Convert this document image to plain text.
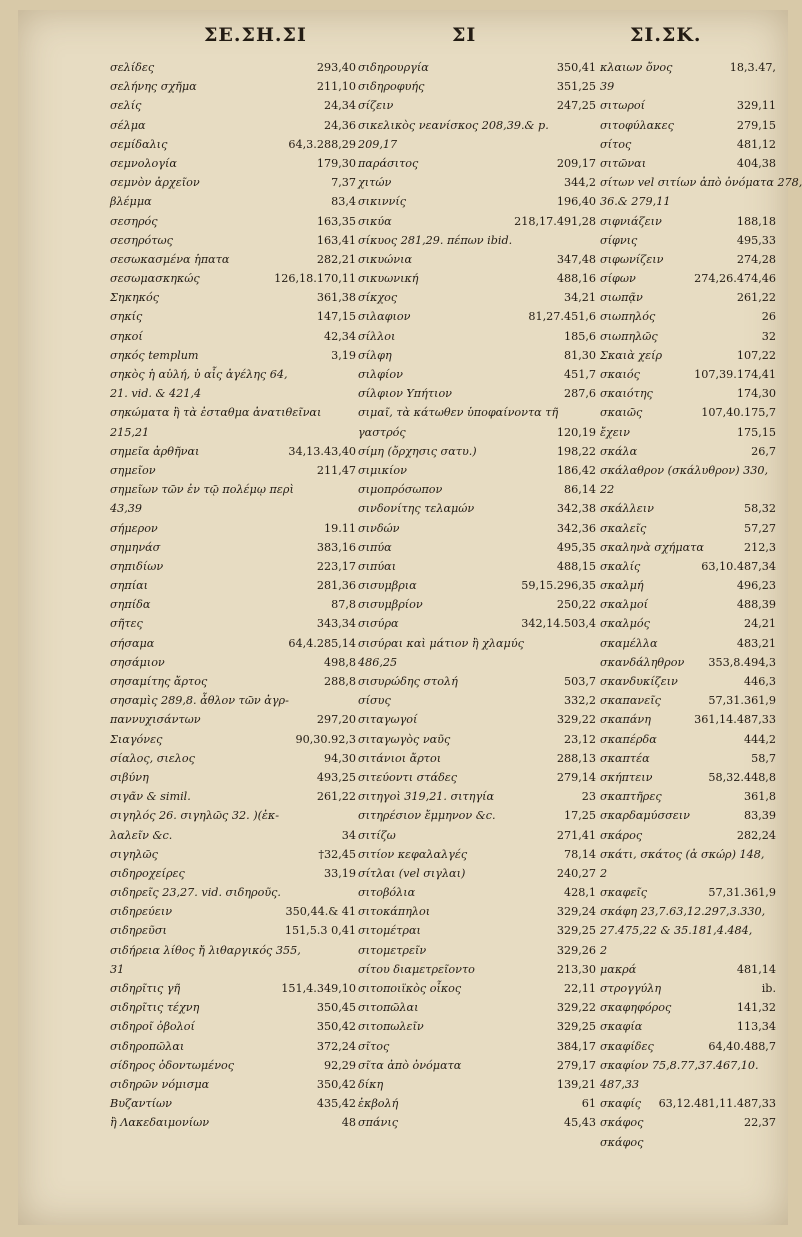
ΣΕ.ΣΗ.ΣΙ	ΣΙ	ΣΙ.ΣΚ.
σελίδες	293,40
σελήνης σχῆμα	211,10
σελίς	24,34
σέλμα	24,36
σεμίδαλις	64,3.288,29
σεμνολογία	179,30
σεμνὸν ἀρχεῖον	7,37
βλέμμα	83,4
σεσηρός	163,35
σεσηρότως	163,41
σεσωκασμένα ἡπατα	282,21
σεσωμασκηκώς	126,18.170,11
Σηκηκός	361,38
σηκίς	147,15
σηκοί	42,34
σηκός templum	3,19
σηκὸς ἡ αὐλή, ὑ αἷς ἀγέλης 64,
21. vid. & 421,4
σηκώματα ἢ τὰ ἐσταθμα ἀνατιθεῖναι
215,21
σημεῖα ἀρθῆναι	34,13.43,40
σημεῖον	211,47
σημεῖων τῶν ἐν τῷ πολέμῳ περὶ
43,39
σήμερον	19.11
σημηνάσ	383,16
σηπιδίων	223,17
σηπίαι	281,36
σηπίδα	87,8
σῆτες	343,34
σήσαμα	64,4.285,14
σησάμιον	498,8
σησαμίτης ἄρτος	288,8
σησαμὶς 289,8. ἆθλον τῶν ἀγρ-
παννυχισάντων	297,20
Σιαγόνες	90,30.92,3
σίαλος, σιελος	94,30
σιβύνη	493,25
σιγᾶν & simil.	261,22
σιγηλός 26. σιγηλῶς 32. )(ἐκ-
λαλεῖν &c.	34
σιγηλῶς	†32,45
σιδηροχείρες	33,19
σιδηρεῖς 23,27. vid. σιδηροῦς.
σιδηρεύειν	350,44.& 41
σιδηρεῦσι	151,5.3 0,41
σιδήρεια λίθος ἤ λιθαργικός 355,
31
σιδηρῖτις γῆ	151,4.349,10
σιδηρῖτις τέχνη	350,45
σιδηροῖ ὀβολοί	350,42
σιδηροπῶλαι	372,24
σίδηρος ὀδοντωμένος	92,29
σιδηρῶν νόμισμα	350,42
Βυζαντίων	435,42
ἢ Λακεδαιμονίων	48
σιδηρουργία	350,41
σιδηροφυής	351,25
σίζειν	247,25
σικελικὸς νεανίσκος 208,39.& p.
209,17
παράσιτος	209,17
χιτών	344,2
σικιννίς	196,40
σικύα	218,17.491,28
σίκυος 281,29. πέπων ibid.
σικυώνια	347,48
σικυωνική	488,16
σίκχος	34,21
σιλαφιον	81,27.451,6
σίλλοι	185,6
σίλφη	81,30
σιλφίον	451,7
σίλφιον Υπήτιον	287,6
σιμαῖ, τὰ κάτωθεν ὑποφαίνοντα τῆ
γαστρός	120,19
σίμη (ὄρχησις σατυ.)	198,22
σιμικίον	186,42
σιμοπρόσωπον	86,14
σινδονίτης τελαμών	342,38
σινδών	342,36
σιπύα	495,35
σιπύαι	488,15
σισυμβρια	59,15.296,35
σισυμβρίον	250,22
σισύρα	342,14.503,4
σισύραι καὶ μάτιον ἢ χλαμύς
486,25
σισυρώδης στολή	503,7
σίσυς	332,2
σιταγωγοί	329,22
σιταγωγὸς ναῦς	23,12
σιτάνιοι ἄρτοι	288,13
σιτεύοντι στάδες	279,14
σιτηγοὶ 319,21. σιτηγία	23
σιτηρέσιον ἔμμηνον &c.	17,25
σιτίζω	271,41
σιτίον κεφαλαλγές	78,14
σίτλαι (vel σιγλαι)	240,27
σιτοβόλια	428,1
σιτοκάπηλοι	329,24
σιτομέτραι	329,25
σιτομετρεῖν	329,26
σίτου διαμετρεῖοντο	213,30
σιτοποιϊκὸς οἶκος	22,11
σιτοπῶλαι	329,22
σιτοπωλεῖν	329,25
σῖτος	384,17
σῖτα ἀπὸ ὀνόματα	279,17
δίκη	139,21
ἐκβολή	61
σπάνις	45,43
κλαιων ὄνος	18,3.47,
39
σιτωροί	329,11
σιτοφύλακες	279,15
σίτος	481,12
σιτῶναι	404,38
σίτων vel σιτίων ἀπὸ ὀνόματα 278,
36.& 279,11
σιφνιάζειν	188,18
σίφνις	495,33
σιφωνίζειν	274,28
σίφων	274,26.474,46
σιωπᾷν	261,22
σιωπηλός	26
σιωπηλῶς	32
Σκαιὰ χείρ	107,22
σκαιός	107,39.174,41
σκαιότης	174,30
σκαιῶς	107,40.175,7
ἔχειν	175,15
σκάλα	26,7
σκάλαθρον (σκάλυθρον) 330,
22
σκάλλειν	58,32
σκαλεῖς	57,27
σκαληνὰ σχήματα	212,3
σκαλίς	63,10.487,34
σκαλμή	496,23
σκαλμοί	488,39
σκαλμός	24,21
σκαμέλλα	483,21
σκανδάληθρον	353,8.494,3
σκανδυκίζειν	446,3
σκαπανεῖς	57,31.361,9
σκαπάνη	361,14.487,33
σκαπέρδα	444,2
σκαπτέα	58,7
σκήπτειν	58,32.448,8
σκαπτῆρες	361,8
σκαρδαμύσσειν	83,39
σκάρος	282,24
σκάτι, σκάτος (ἀ σκώρ) 148,
2
σκαφεῖς	57,31.361,9
σκάφη 23,7.63,12.297,3.330,
27.475,22 & 35.181,4.484,
2
μακρά	481,14
στρογγύλη	ib.
σκαφηφόρος	141,32
σκαφία	113,34
σκαφίδες	64,40.488,7
σκαφίον 75,8.77,37.467,10.
487,33
σκαφίς	63,12.481,11.487,33
σκάφος	22,37
σκάφος
